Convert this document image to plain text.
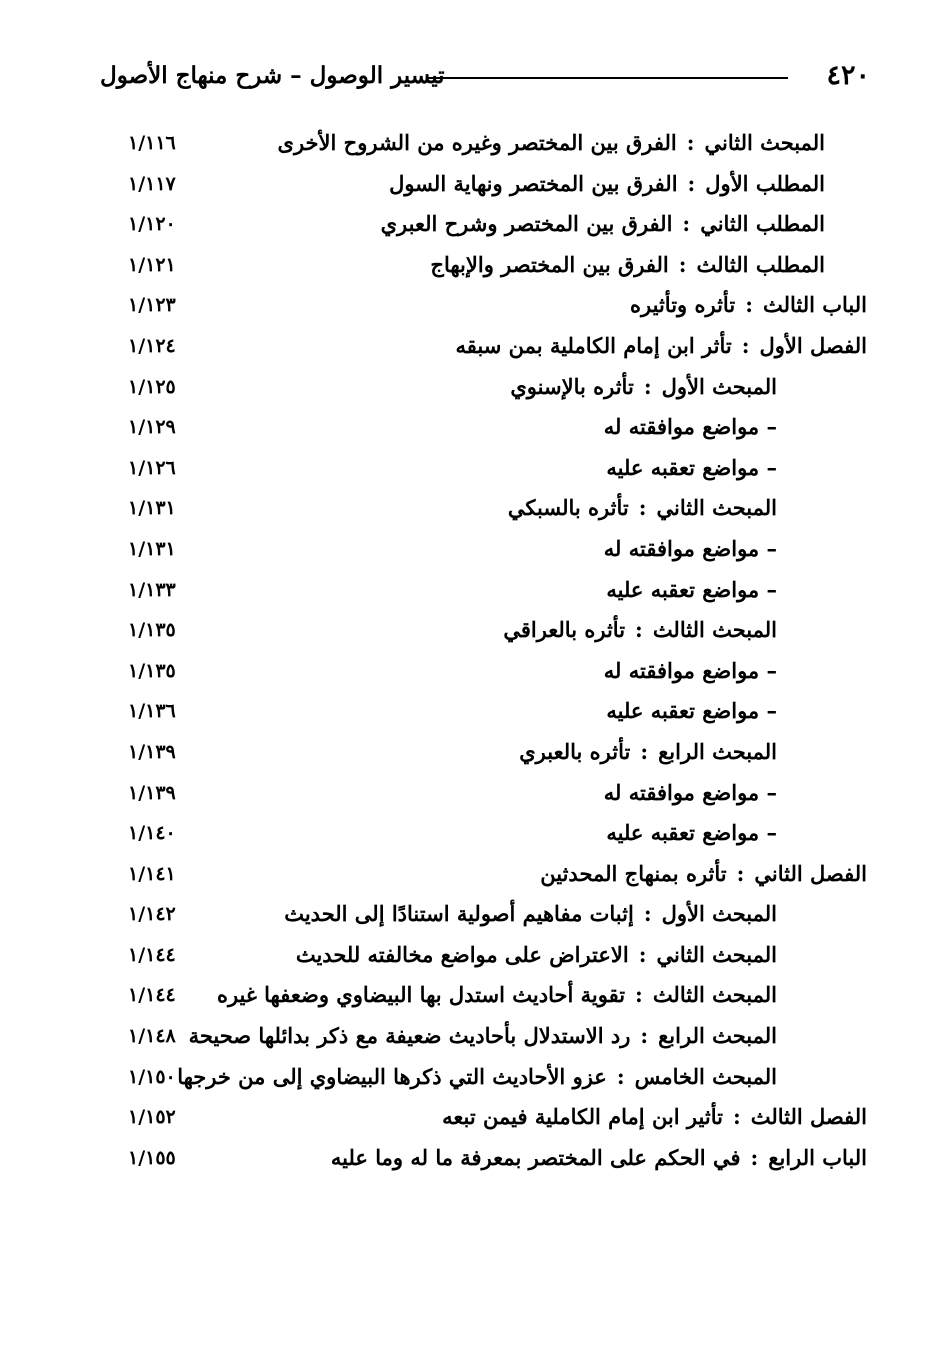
٤٢٠
تيسير الوصول – شرح منهاج الأصول
المبحث الثاني:الفرق بين المختصر وغيره من الشروح الأخرى
١/١١٦
المطلب الأول:الفرق بين المختصر ونهاية السول
١/١١٧
المطلب الثاني:الفرق بين المختصر وشرح العبري
١/١٢٠
المطلب الثالث:الفرق بين المختصر والإبهاج
١/١٢١
الباب الثالث:تأثره وتأثيره
١/١٢٣
الفصل الأول:تأثر ابن إمام الكاملية بمن سبقه
١/١٢٤
المبحث الأول:تأثره بالإسنوي
١/١٢٥
– مواضع موافقته له
١/١٢٩
– مواضع تعقبه عليه
١/١٢٦
المبحث الثاني:تأثره بالسبكي
١/١٣١
– مواضع موافقته له
١/١٣١
– مواضع تعقبه عليه
١/١٣٣
المبحث الثالث:تأثره بالعراقي
١/١٣٥
– مواضع موافقته له
١/١٣٥
– مواضع تعقبه عليه
١/١٣٦
المبحث الرابع:تأثره بالعبري
١/١٣٩
– مواضع موافقته له
١/١٣٩
– مواضع تعقبه عليه
١/١٤٠
الفصل الثاني:تأثره بمنهاج المحدثين
١/١٤١
المبحث الأول:إثبات مفاهيم أصولية استنادًا إلى الحديث
١/١٤٢
المبحث الثاني:الاعتراض على مواضع مخالفته للحديث
١/١٤٤
المبحث الثالث:تقوية أحاديث استدل بها البيضاوي وضعفها غيره
١/١٤٤
المبحث الرابع:رد الاستدلال بأحاديث ضعيفة مع ذكر بدائلها صحيحة
١/١٤٨
المبحث الخامس:عزو الأحاديث التي ذكرها البيضاوي إلى من خرجها
١/١٥٠
الفصل الثالث:تأثير ابن إمام الكاملية فيمن تبعه
١/١٥٢
الباب الرابع:في الحكم على المختصر بمعرفة ما له وما عليه
١/١٥٥
